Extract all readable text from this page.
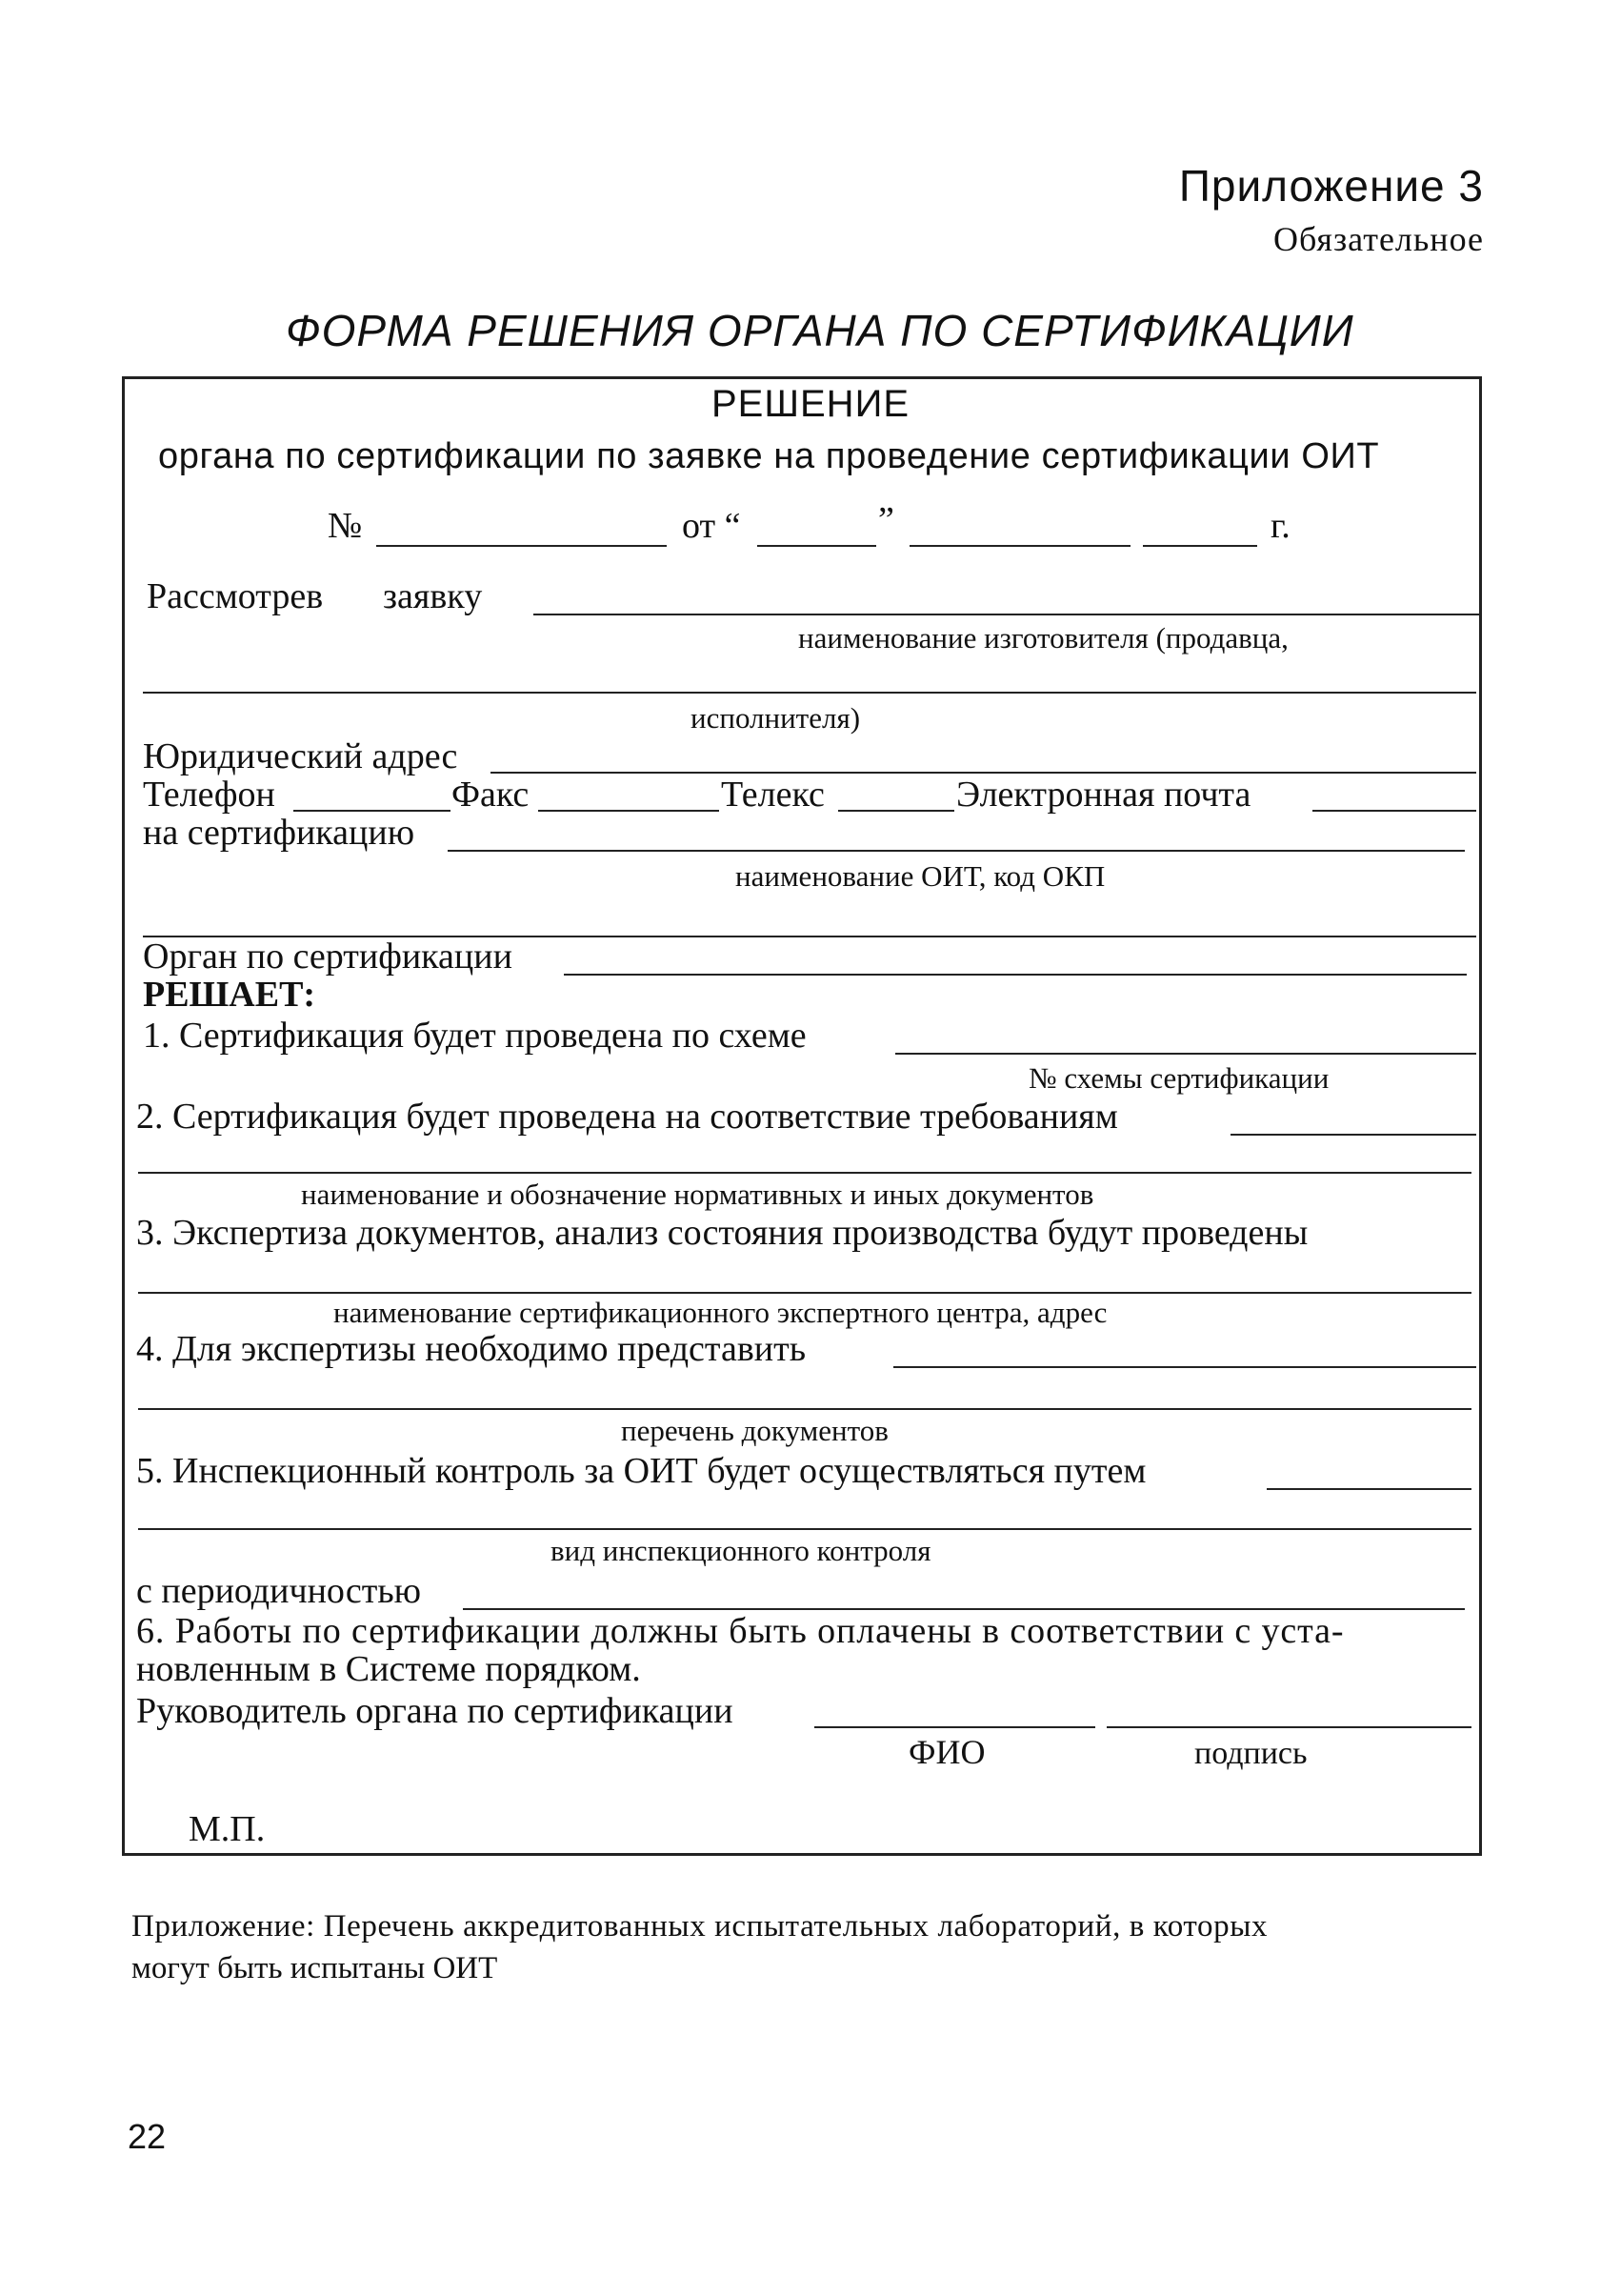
Приложение 3
Обязательное
ФОРМА РЕШЕНИЯ ОРГАНА ПО СЕРТИФИКАЦИИ
РЕШЕНИЕ
органа по сертификации по заявке на проведение сертификации ОИТ
№	от “	”	г.
Рассмотрев заявку
наименование изготовителя (продавца,
исполнителя)
Юридический адрес
Телефон	Факс	Телекс	Электронная почта
на сертификацию
наименование ОИТ, код ОКП
Орган по сертификации
РЕШАЕТ:
1. Сертификация будет проведена по схеме
№ схемы сертификации
2. Сертификация будет проведена на соответствие требованиям
наименование и обозначение нормативных и иных документов
3. Экспертиза документов, анализ состояния производства будут проведены
наименование сертификационного экспертного центра, адрес
4. Для экспертизы необходимо представить
перечень документов
5. Инспекционный контроль за ОИТ будет осуществляться путем
вид инспекционного контроля
с периодичностью
6. Работы по сертификации должны быть оплачены в соответствии с уста-
новленным в Системе порядком.
Руководитель органа по сертификации
ФИО	подпись
М.П.
Приложение: Перечень аккредитованных испытательных лабораторий, в которых
могут быть испытаны ОИТ
22
